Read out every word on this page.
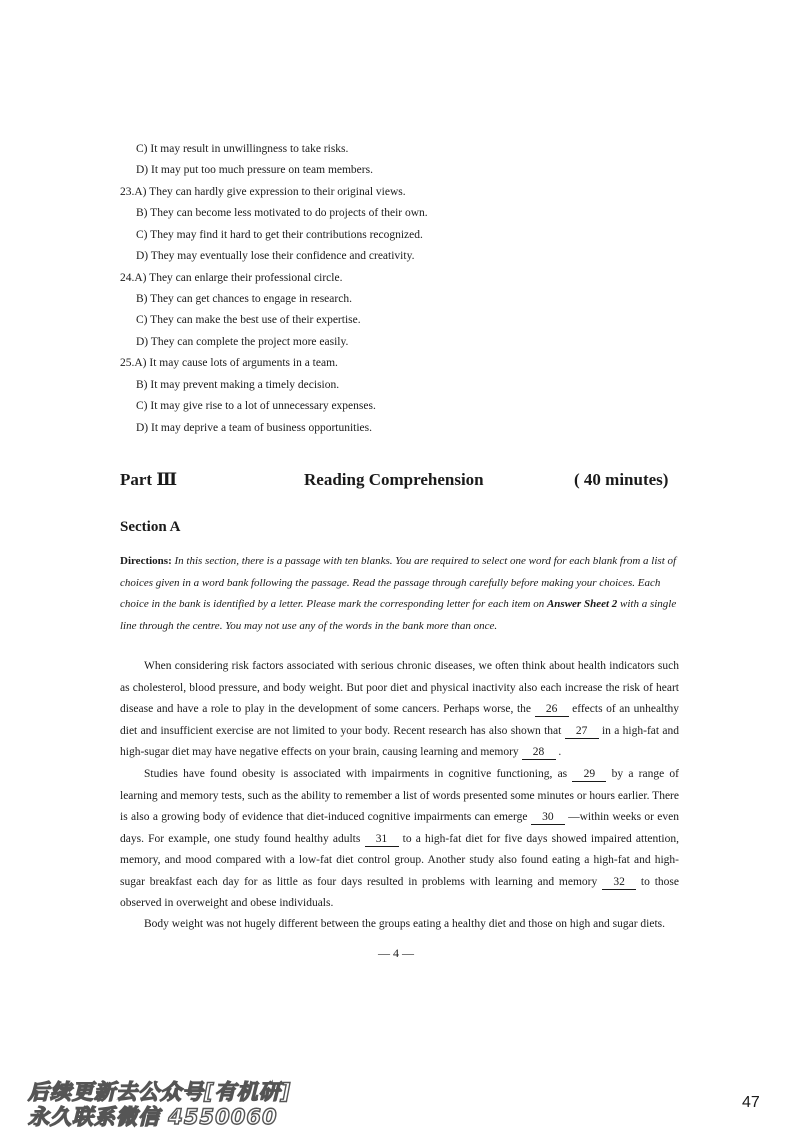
C) It may result in unwillingness to take risks.
D) It may put too much pressure on team members.
23.A) They can hardly give expression to their original views.
B) They can become less motivated to do projects of their own.
C) They may find it hard to get their contributions recognized.
D) They may eventually lose their confidence and creativity.
24.A) They can enlarge their professional circle.
B) They can get chances to engage in research.
C) They can make the best use of their expertise.
D) They can complete the project more easily.
25.A) It may cause lots of arguments in a team.
B) It may prevent making a timely decision.
C) It may give rise to a lot of unnecessary expenses.
D) It may deprive a team of business opportunities.
Part Ⅲ	Reading Comprehension	( 40 minutes)
Section A
Directions: In this section, there is a passage with ten blanks. You are required to select one word for each blank from a list of choices given in a word bank following the passage. Read the passage through carefully before making your choices. Each choice in the bank is identified by a letter. Please mark the corresponding letter for each item on Answer Sheet 2 with a single line through the centre. You may not use any of the words in the bank more than once.
When considering risk factors associated with serious chronic diseases, we often think about health indicators such as cholesterol, blood pressure, and body weight. But poor diet and physical inactivity also each increase the risk of heart disease and have a role to play in the development of some cancers. Perhaps worse, the 26 effects of an unhealthy diet and insufficient exercise are not limited to your body. Recent research has also shown that 27 in a high-fat and high-sugar diet may have negative effects on your brain, causing learning and memory 28 .
Studies have found obesity is associated with impairments in cognitive functioning, as 29 by a range of learning and memory tests, such as the ability to remember a list of words presented some minutes or hours earlier. There is also a growing body of evidence that diet-induced cognitive impairments can emerge 30 —within weeks or even days. For example, one study found healthy adults 31 to a high-fat diet for five days showed impaired attention, memory, and mood compared with a low-fat diet control group. Another study also found eating a high-fat and high-sugar breakfast each day for as little as four days resulted in problems with learning and memory 32 to those observed in overweight and obese individuals.
Body weight was not hugely different between the groups eating a healthy diet and those on high and sugar diets.
— 4 —
后续更新去公众号[有机研]
永久联系微信 4550060
47
